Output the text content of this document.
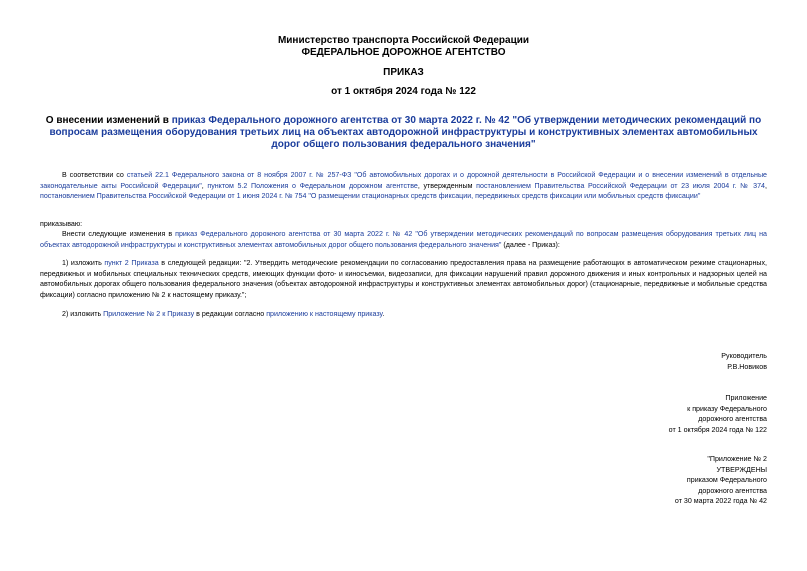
Министерство транспорта Российской Федерации
ФЕДЕРАЛЬНОЕ ДОРОЖНОЕ АГЕНТСТВО
ПРИКАЗ
от 1 октября 2024 года № 122
О внесении изменений в приказ Федерального дорожного агентства от 30 марта 2022 г. № 42 "Об утверждении методических рекомендаций по вопросам размещения оборудования третьих лиц на объектах автодорожной инфраструктуры и конструктивных элементах автомобильных дорог общего пользования федерального значения"
В соответствии со статьей 22.1 Федерального закона от 8 ноября 2007 г. № 257-ФЗ "Об автомобильных дорогах и о дорожной деятельности в Российской Федерации и о внесении изменений в отдельные законодательные акты Российской Федерации", пунктом 5.2 Положения о Федеральном дорожном агентстве, утвержденным постановлением Правительства Российской Федерации от 23 июля 2004 г. № 374, постановлением Правительства Российской Федерации от 1 июня 2024 г. № 754 "О размещении стационарных средств фиксации, передвижных средств фиксации или мобильных средств фиксации"
приказываю:
Внести следующие изменения в приказ Федерального дорожного агентства от 30 марта 2022 г. № 42 "Об утверждении методических рекомендаций по вопросам размещения оборудования третьих лиц на объектах автодорожной инфраструктуры и конструктивных элементах автомобильных дорог общего пользования федерального значения" (далее - Приказ):
1) изложить пункт 2 Приказа в следующей редакции: "2. Утвердить методические рекомендации по согласованию предоставления права на размещение работающих в автоматическом режиме стационарных, передвижных и мобильных специальных технических средств, имеющих функции фото- и киносъемки, видеозаписи, для фиксации нарушений правил дорожного движения и иных контрольных и надзорных целей на автомобильных дорогах общего пользования федерального значения (объектах автодорожной инфраструктуры и конструктивных элементах автомобильных дорог) (стационарные, передвижные и мобильные средства фиксации) согласно приложению № 2 к настоящему приказу.";
2) изложить Приложение № 2 к Приказу в редакции согласно приложению к настоящему приказу.
Руководитель
Р.В.Новиков
Приложение
к приказу Федерального
дорожного агентства
от 1 октября 2024 года № 122
"Приложение № 2
УТВЕРЖДЕНЫ
приказом Федерального
дорожного агентства
от 30 марта 2022 года № 42
